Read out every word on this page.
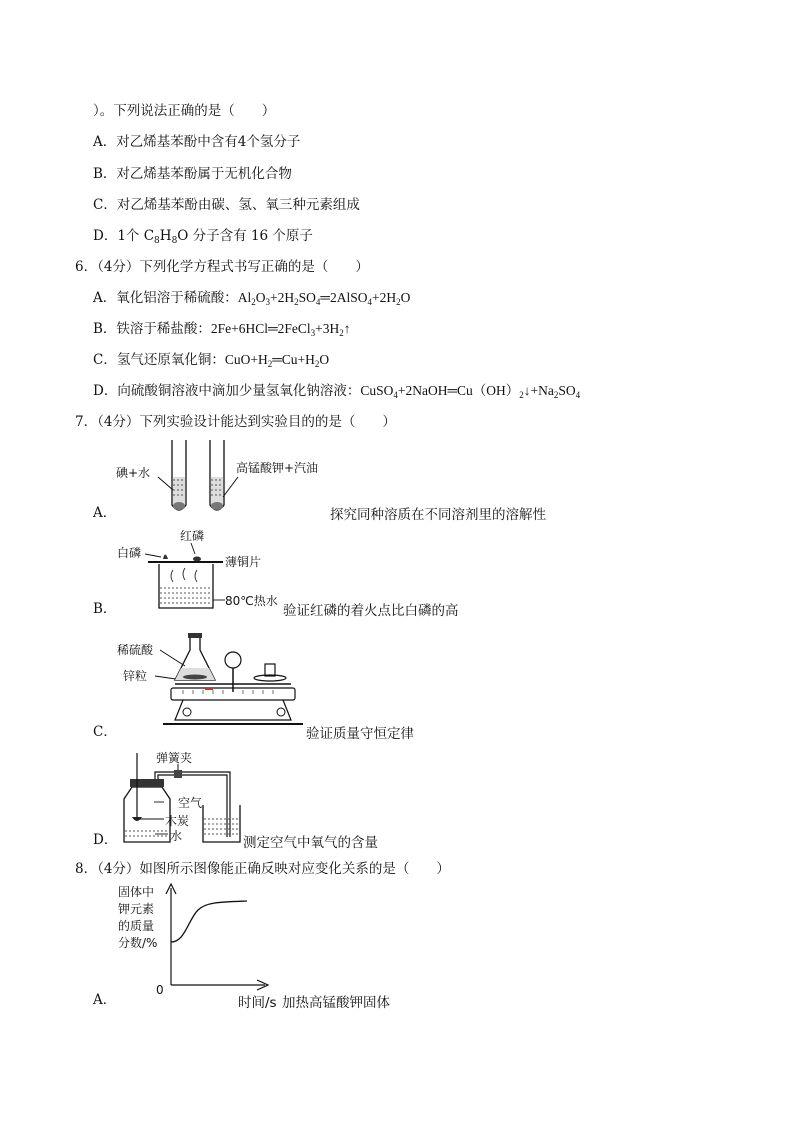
）。下列说法正确的是（　　）
A．对乙烯基苯酚中含有4个氢分子
B．对乙烯基苯酚属于无机化合物
C．对乙烯基苯酚由碳、氢、氧三种元素组成
D．1个 $C_8H_8O$ 分子含有 16 个原子
6．（4分）下列化学方程式书写正确的是（　　）
A．氧化铝溶于稀硫酸：$Al_2O_3+2H_2SO_4═2AlSO_4+2H_2O$
B．铁溶于稀盐酸：$2Fe+6HCl═2FeCl_3+3H_2↑$
C．氢气还原氧化铜：$CuO+H_2═Cu+H_2O$
D．向硫酸铜溶液中滴加少量氢氧化钠溶液：$CuSO_4+2NaOH═Cu(OH)_2↓+Na_2SO_4$
7．（4分）下列实验设计能达到实验目的的是（　　）
A．
碘+水	高锰酸钾+汽油
探究同种溶质在不同溶剂里的溶解性
B．
红磷
白磷
薄铜片
80℃热水
验证红磷的着火点比白磷的高
C．
稀硫酸
锌粒
验证质量守恒定律
D．
弹簧夹
空气
木炭
水	测定空气中氧气的含量
8．（4分）如图所示图像能正确反映对应变化关系的是（　　）
A．
固体中
钾元素
的质量
分数/%
0
时间/s 加热高锰酸钾固体
